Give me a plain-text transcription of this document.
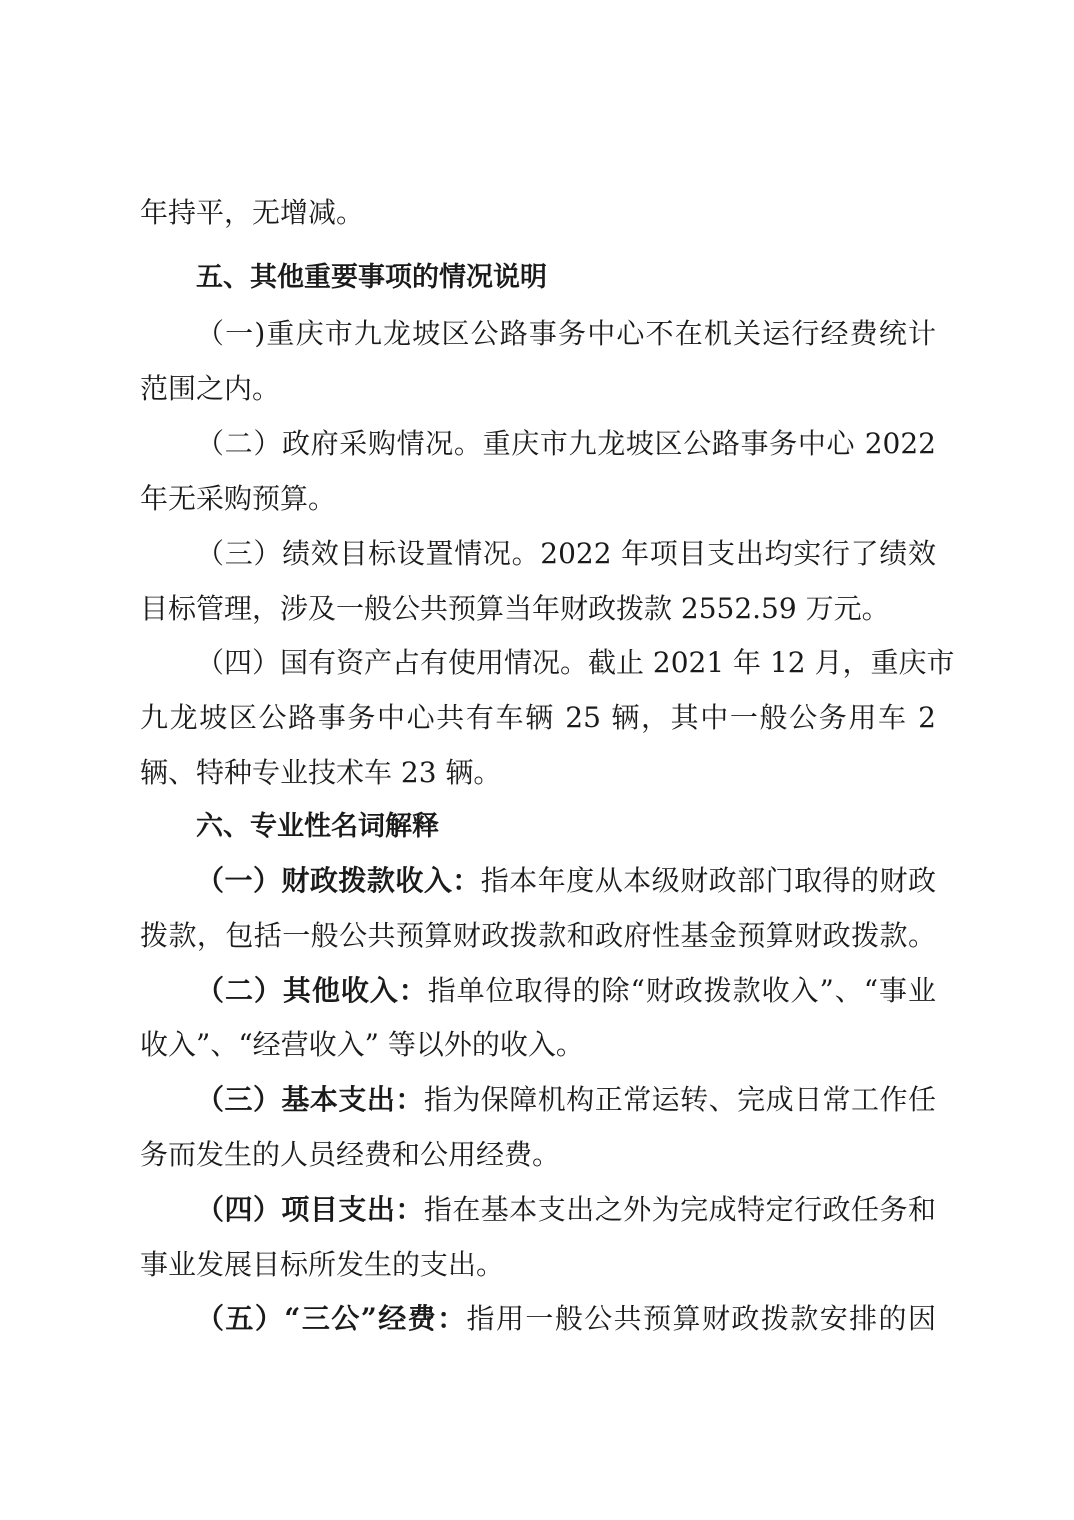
年持平，无增减。
五、其他重要事项的情况说明
（一)重庆市九龙坡区公路事务中心不在机关运行经费统计
范围之内。
（二）政府采购情况。重庆市九龙坡区公路事务中心 2022
年无采购预算。
（三）绩效目标设置情况。2022 年项目支出均实行了绩效
目标管理，涉及一般公共预算当年财政拨款 2552.59 万元。
（四）国有资产占有使用情况。截止 2021 年 12 月，重庆市
九龙坡区公路事务中心共有车辆 25 辆，其中一般公务用车 2
辆、特种专业技术车 23 辆。
六、专业性名词解释
（一）财政拨款收入：指本年度从本级财政部门取得的财政
拨款，包括一般公共预算财政拨款和政府性基金预算财政拨款。
（二）其他收入：指单位取得的除“财政拨款收入”、“事业
收入”、“经营收入” 等以外的收入。
（三）基本支出：指为保障机构正常运转、完成日常工作任
务而发生的人员经费和公用经费。
（四）项目支出：指在基本支出之外为完成特定行政任务和
事业发展目标所发生的支出。
（五）“三公”经费：指用一般公共预算财政拨款安排的因
